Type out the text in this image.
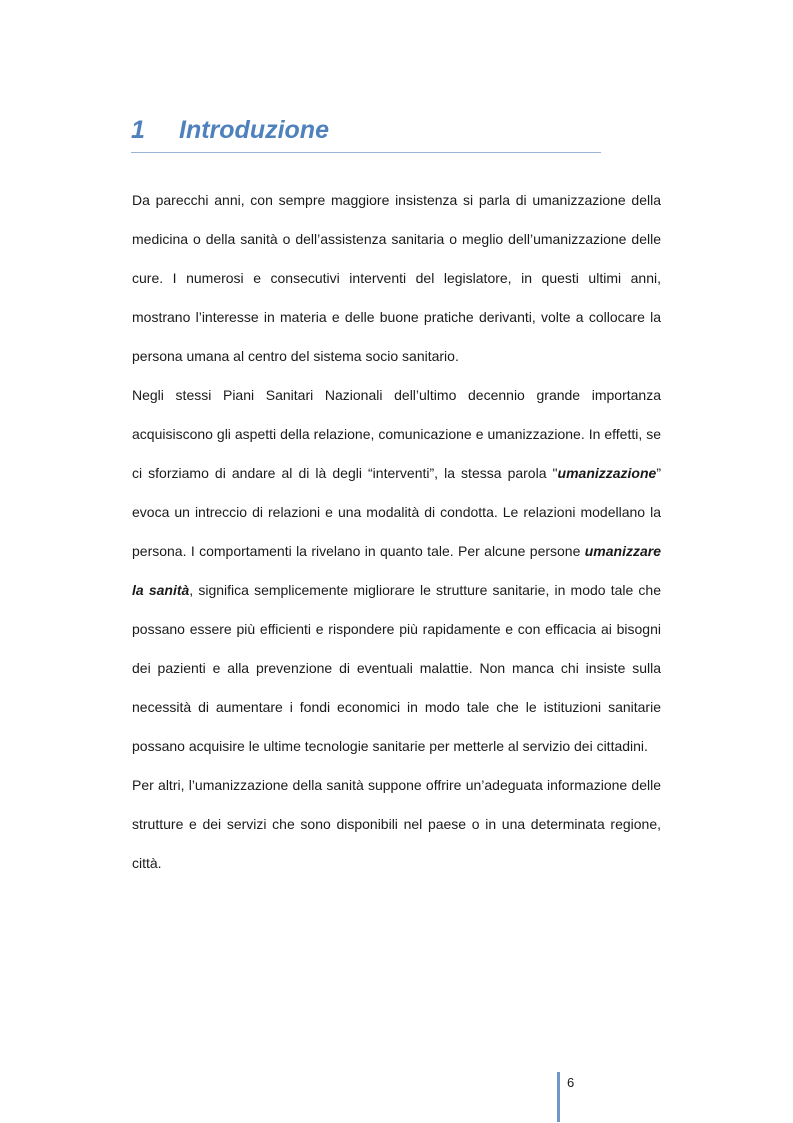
1 Introduzione

Da parecchi anni, con sempre maggiore insistenza si parla di umanizzazione della medicina o della sanità o dell’assistenza sanitaria o meglio dell’umanizzazione delle cure. I numerosi e consecutivi interventi del legislatore, in questi ultimi anni, mostrano l’interesse in materia e delle buone pratiche derivanti, volte a collocare la persona umana al centro del sistema socio sanitario.

Negli stessi Piani Sanitari Nazionali dell’ultimo decennio grande importanza acquisiscono gli aspetti della relazione, comunicazione e umanizzazione. In effetti, se ci sforziamo di andare al di là degli “interventi”, la stessa parola "umanizzazione” evoca un intreccio di relazioni e una modalità di condotta. Le relazioni modellano la persona. I comportamenti la rivelano in quanto tale. Per alcune persone umanizzare la sanità, significa semplicemente migliorare le strutture sanitarie, in modo tale che possano essere più efficienti e rispondere più rapidamente e con efficacia ai bisogni dei pazienti e alla prevenzione di eventuali malattie. Non manca chi insiste sulla necessità di aumentare i fondi economici in modo tale che le istituzioni sanitarie possano acquisire le ultime tecnologie sanitarie per metterle al servizio dei cittadini.

Per altri, l’umanizzazione della sanità suppone offrire un’adeguata informazione delle strutture e dei servizi che sono disponibili nel paese o in una determinata regione, città.

6
